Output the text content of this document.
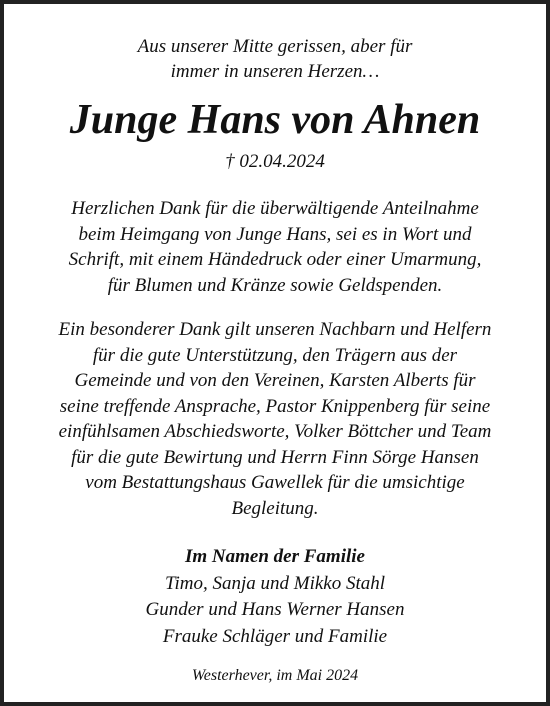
Aus unserer Mitte gerissen, aber für
immer in unseren Herzen…
Junge Hans von Ahnen
† 02.04.2024
Herzlichen Dank für die überwältigende Anteilnahme
beim Heimgang von Junge Hans, sei es in Wort und
Schrift, mit einem Händedruck oder einer Umarmung,
für Blumen und Kränze sowie Geldspenden.
Ein besonderer Dank gilt unseren Nachbarn und Helfern
für die gute Unterstützung, den Trägern aus der
Gemeinde und von den Vereinen, Karsten Alberts für
seine treffende Ansprache, Pastor Knippenberg für seine
einfühlsamen Abschiedsworte, Volker Böttcher und Team
für die gute Bewirtung und Herrn Finn Sörge Hansen
vom Bestattungshaus Gawellek für die umsichtige
Begleitung.
Im Namen der Familie
Timo, Sanja und Mikko Stahl
Gunder und Hans Werner Hansen
Frauke Schläger und Familie
Westerhever, im Mai 2024
